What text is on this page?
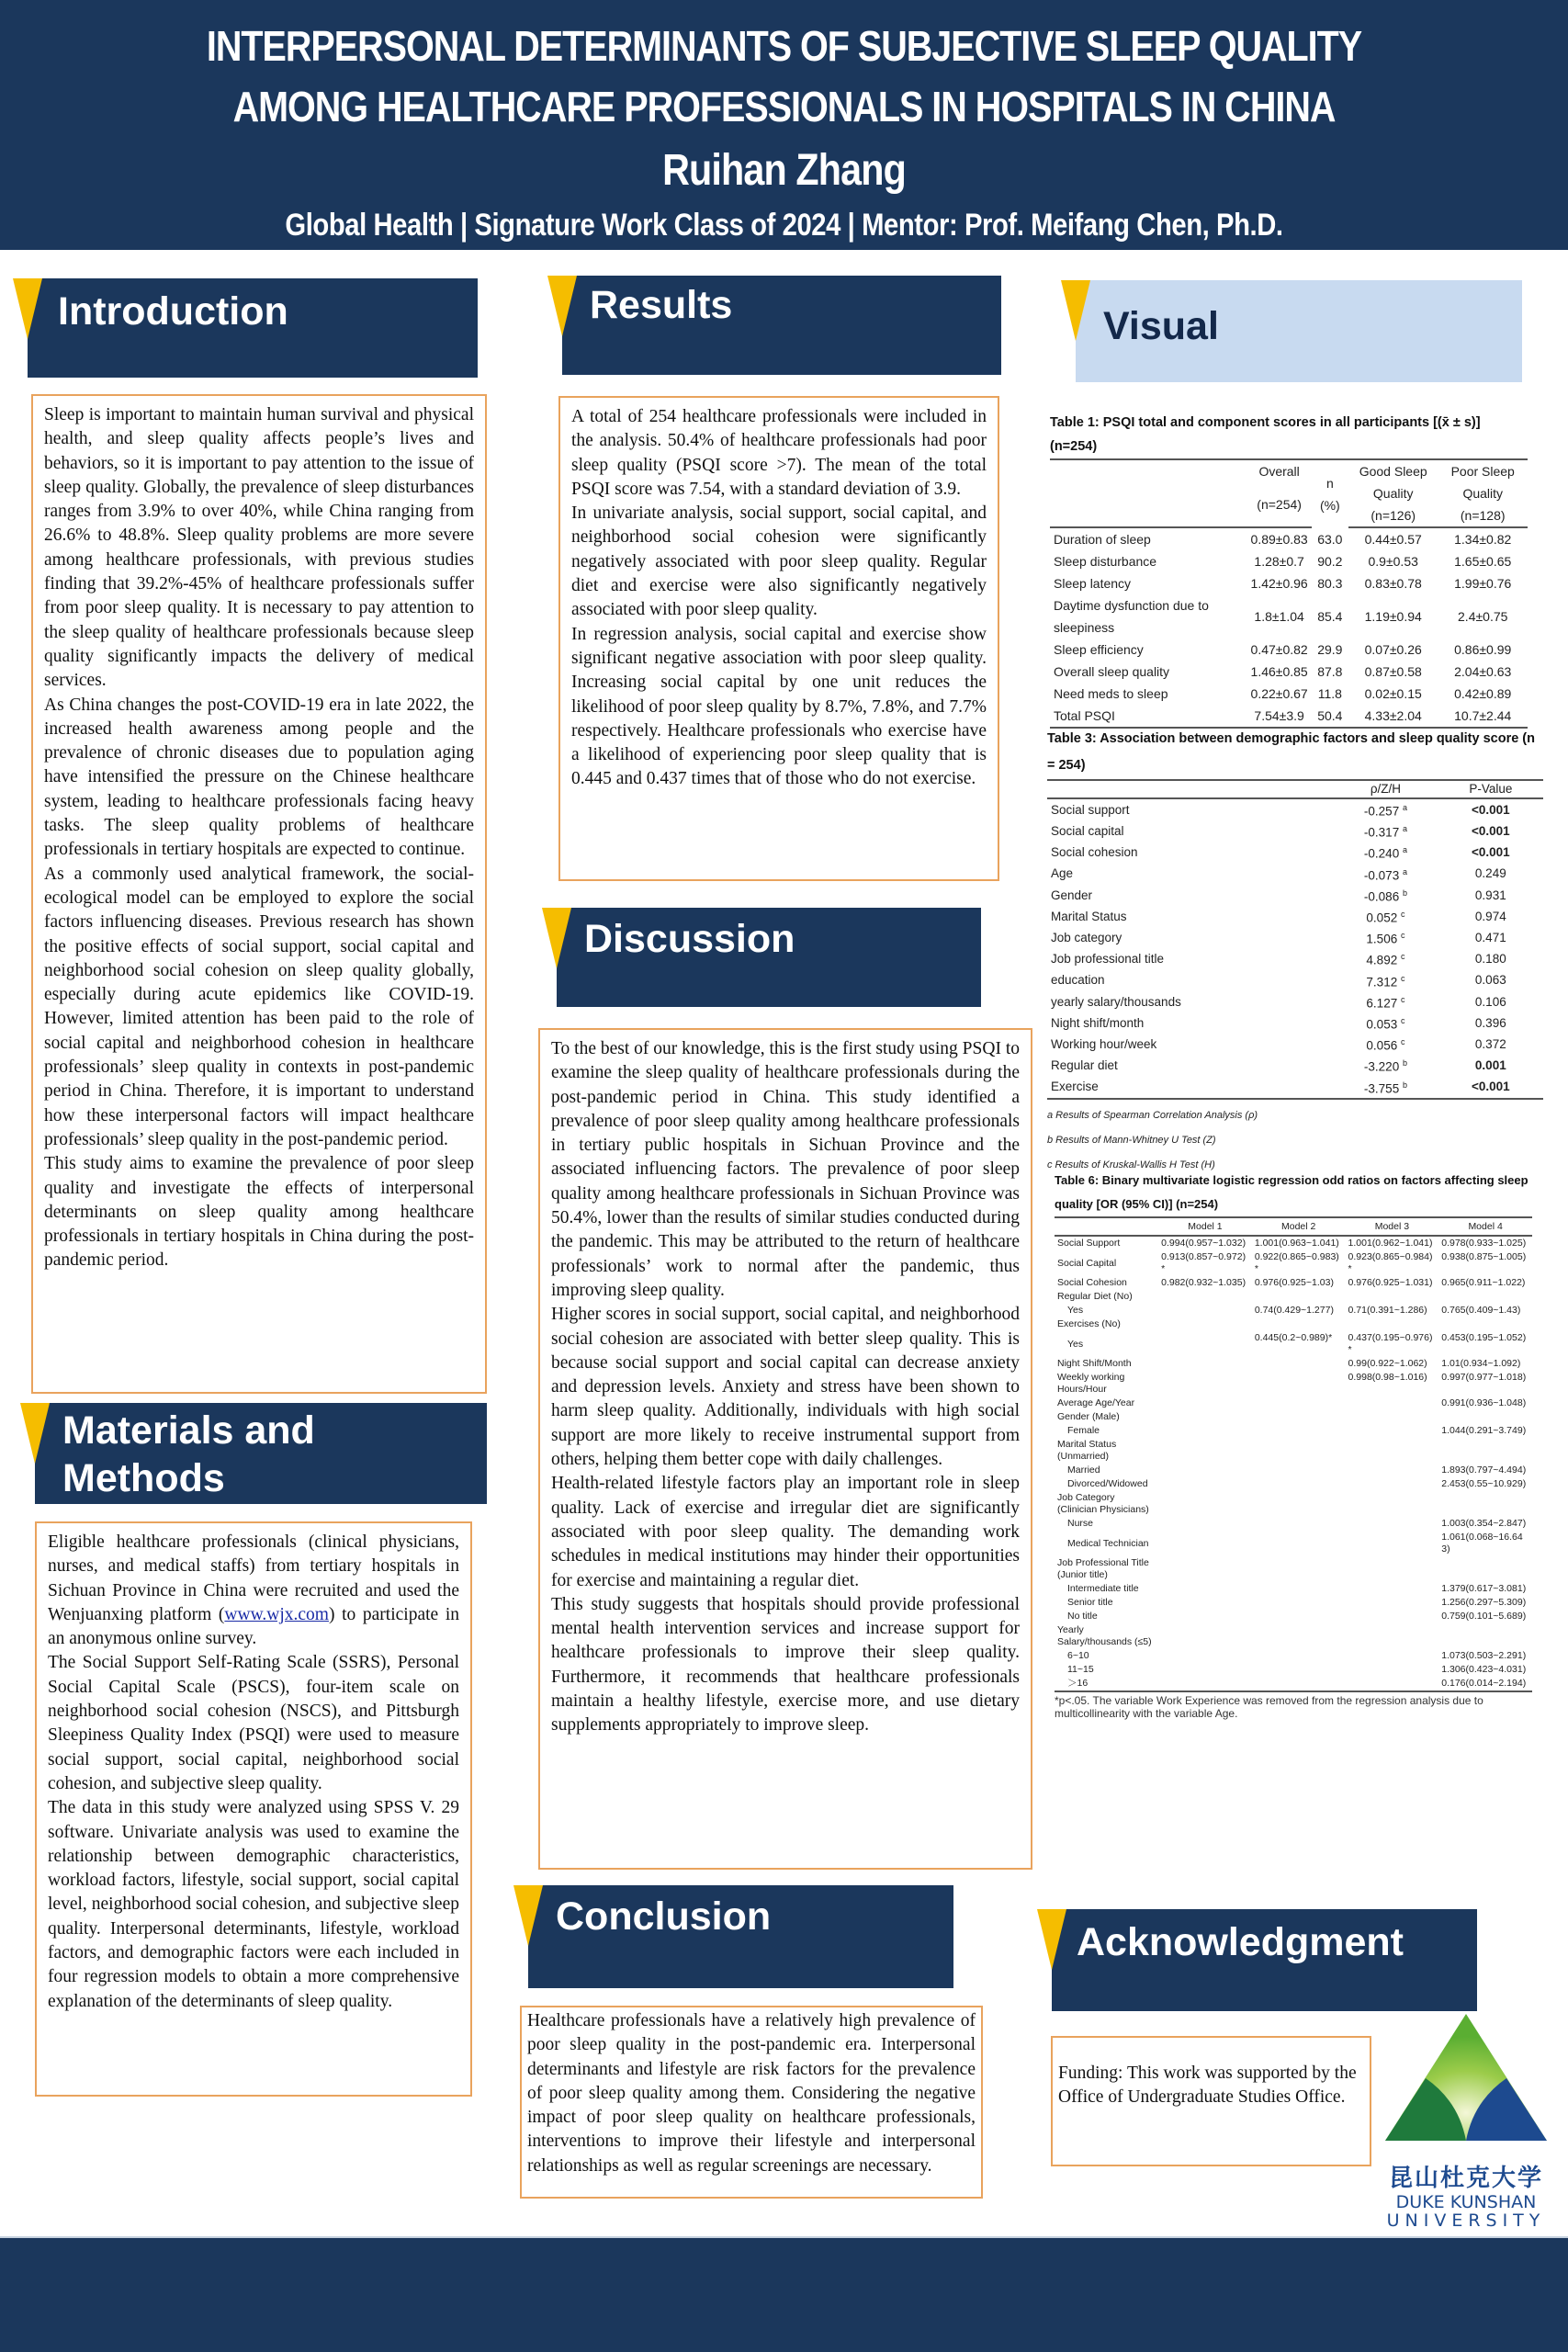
INTERPERSONAL DETERMINANTS OF SUBJECTIVE SLEEP QUALITY
AMONG HEALTHCARE PROFESSIONALS IN HOSPITALS IN CHINA
Ruihan Zhang
Global Health | Signature Work Class of 2024 | Mentor: Prof. Meifang Chen, Ph.D.
Introduction

Sleep is important to maintain human survival and physical health, and sleep quality affects people’s lives and behaviors, so it is important to pay attention to the issue of sleep quality. Globally, the prevalence of sleep disturbances ranges from 3.9% to over 40%, while China ranging from 26.6% to 48.8%. Sleep quality problems are more severe among healthcare professionals, with previous studies finding that 39.2%-45% of healthcare professionals suffer from poor sleep quality. It is necessary to pay attention to the sleep quality of healthcare professionals because sleep quality significantly impacts the delivery of medical services.

As China changes the post-COVID-19 era in late 2022, the increased health awareness among people and the prevalence of chronic diseases due to population aging have intensified the pressure on the Chinese healthcare system, leading to healthcare professionals facing heavy tasks. The sleep quality problems of healthcare professionals in tertiary hospitals are expected to continue.

As a commonly used analytical framework, the social-ecological model can be employed to explore the social factors influencing diseases. Previous research has shown the positive effects of social support, social capital and neighborhood social cohesion on sleep quality globally, especially during acute epidemics like COVID-19. However, limited attention has been paid to the role of social capital and neighborhood cohesion in healthcare professionals’ sleep quality in contexts in post-pandemic period in China. Therefore, it is important to understand how these interpersonal factors will impact healthcare professionals’ sleep quality in the post-pandemic period.

This study aims to examine the prevalence of poor sleep quality and investigate the effects of interpersonal determinants on sleep quality among healthcare professionals in tertiary hospitals in China during the post-pandemic period.

Materials and
Methods

Eligible healthcare professionals (clinical physicians, nurses, and medical staffs) from tertiary hospitals in Sichuan Province in China were recruited and used the Wenjuanxing platform (www.wjx.com) to participate in an anonymous online survey.

The Social Support Self-Rating Scale (SSRS), Personal Social Capital Scale (PSCS), four-item scale on neighborhood social cohesion (NSCS), and Pittsburgh Sleepiness Quality Index (PSQI) were used to measure social support, social capital, neighborhood social cohesion, and subjective sleep quality.

The data in this study were analyzed using SPSS V. 29 software. Univariate analysis was used to examine the relationship between demographic characteristics, workload factors, lifestyle, social support, social capital level, neighborhood social cohesion, and subjective sleep quality. Interpersonal determinants, lifestyle, workload factors, and demographic factors were each included in four regression models to obtain a more comprehensive explanation of the determinants of sleep quality.

Results

A total of 254 healthcare professionals were included in the analysis. 50.4% of healthcare professionals had poor sleep quality (PSQI score >7). The mean of the total PSQI score was 7.54, with a standard deviation of 3.9.

In univariate analysis, social support, social capital, and neighborhood social cohesion were significantly negatively associated with poor sleep quality. Regular diet and exercise were also significantly negatively associated with poor sleep quality.

In regression analysis, social capital and exercise show significant negative association with poor sleep quality. Increasing social capital by one unit reduces the likelihood of poor sleep quality by 8.7%, 7.8%, and 7.7% respectively. Healthcare professionals who exercise have a likelihood of experiencing poor sleep quality that is 0.445 and 0.437 times that of those who do not exercise.

Discussion

To the best of our knowledge, this is the first study using PSQI to examine the sleep quality of healthcare professionals during the post-pandemic period in China. This study identified a prevalence of poor sleep quality among healthcare professionals in tertiary public hospitals in Sichuan Province and the associated influencing factors. The prevalence of poor sleep quality among healthcare professionals in Sichuan Province was 50.4%, lower than the results of similar studies conducted during the pandemic. This may be attributed to the return of healthcare professionals’ work to normal after the pandemic, thus improving sleep quality.

Higher scores in social support, social capital, and neighborhood social cohesion are associated with better sleep quality. This is because social support and social capital can decrease anxiety and depression levels. Anxiety and stress have been shown to harm sleep quality. Additionally, individuals with high social support are more likely to receive instrumental support from others, helping them better cope with daily challenges.

Health-related lifestyle factors play an important role in sleep quality. Lack of exercise and irregular diet are significantly associated with poor sleep quality. The demanding work schedules in medical institutions may hinder their opportunities for exercise and maintaining a regular diet.

This study suggests that hospitals should provide professional mental health intervention services and increase support for healthcare professionals to improve their sleep quality. Furthermore, it recommends that healthcare professionals maintain a healthy lifestyle, exercise more, and use dietary supplements appropriately to improve sleep.

Conclusion

Healthcare professionals have a relatively high prevalence of poor sleep quality in the post-pandemic era. Interpersonal determinants and lifestyle are risk factors for the prevalence of poor sleep quality among them. Considering the negative impact of poor sleep quality on healthcare professionals, interventions to improve their lifestyle and interpersonal relationships as well as regular screenings are necessary.

Visual
Table 1: PSQI total and component scores in all participants [(x̄ ± s)] (n=254)
	Overall	n (%)	Good Sleep	Poor Sleep
	(n=254)		Quality (n=126)	Quality (n=128)
Duration of sleep	0.89±0.83	63.0	0.44±0.57	1.34±0.82
Sleep disturbance	1.28±0.7	90.2	0.9±0.53	1.65±0.65
Sleep latency	1.42±0.96	80.3	0.83±0.78	1.99±0.76
Daytime dysfunction due to sleepiness	1.8±1.04	85.4	1.19±0.94	2.4±0.75
Sleep efficiency	0.47±0.82	29.9	0.07±0.26	0.86±0.99
Overall sleep quality	1.46±0.85	87.8	0.87±0.58	2.04±0.63
Need meds to sleep	0.22±0.67	11.8	0.02±0.15	0.42±0.89
Total PSQI	7.54±3.9	50.4	4.33±2.04	10.7±2.44
Table 3: Association between demographic factors and sleep quality score (n = 254)
	ρ/Z/H	P-Value
Social support	-0.257 $^a$	<0.001
Social capital	-0.317 $^a$	<0.001
Social cohesion	-0.240 $^a$	<0.001
Age	-0.073 $^a$	0.249
Gender	-0.086 $^b$	0.931
Marital Status	0.052 $^c$	0.974
Job category	1.506 $^c$	0.471
Job professional title	4.892 $^c$	0.180
education	7.312 $^c$	0.063
yearly salary/thousands	6.127 $^c$	0.106
Night shift/month	0.053 $^c$	0.396
Working hour/week	0.056 $^c$	0.372
Regular diet	-3.220 $^b$	0.001
Exercise	-3.755 $^b$	<0.001
a Results of Spearman Correlation Analysis (ρ)
b Results of Mann-Whitney U Test (Z)
c Results of Kruskal-Wallis H Test (H)
Table 6: Binary multivariate logistic regression odd ratios on factors affecting sleep quality [OR (95% CI)] (n=254)
	Model 1	Model 2	Model 3	Model 4
Social Support	0.994(0.957~1.032)	1.001(0.963~1.041)	1.001(0.962~1.041)	0.978(0.933~1.025)
Social Capital	0.913(0.857~0.972)*	0.922(0.865~0.983)*	0.923(0.865~0.984)*	0.938(0.875~1.005)
Social Cohesion	0.982(0.932~1.035)	0.976(0.925~1.03)	0.976(0.925~1.031)	0.965(0.911~1.022)
Regular Diet (No)				
Yes		0.74(0.429~1.277)	0.71(0.391~1.286)	0.765(0.409~1.43)
Exercises (No)				
Yes		0.445(0.2~0.989)*	0.437(0.195~0.976)*	0.453(0.195~1.052)
Night Shift/Month			0.99(0.922~1.062)	1.01(0.934~1.092)
Weekly working Hours/Hour			0.998(0.98~1.016)	0.997(0.977~1.018)
Average Age/Year				0.991(0.936~1.048)
Gender (Male)				
Female				1.044(0.291~3.749)
Marital Status (Unmarried)				
Married				1.893(0.797~4.494)
Divorced/Widowed				2.453(0.55~10.929)
Job Category (Clinician Physicians)				
Nurse				1.003(0.354~2.847)
Medical Technician				1.061(0.068~16.643)
Job Professional Title (Junior title)				
Intermediate title				1.379(0.617~3.081)
Senior title				1.256(0.297~5.309)
No title				0.759(0.101~5.689)
Yearly Salary/thousands (≤5)				
6~10				1.073(0.503~2.291)
11~15				1.306(0.423~4.031)
＞16				0.176(0.014~2.194)
*p<.05. The variable Work Experience was removed from the regression analysis due to multicollinearity with the variable Age.
Acknowledgment

Funding: This work was supported by the Office of Undergraduate Studies Office.

昆山杜克大学
DUKE KUNSHAN
UNIVERSITY
